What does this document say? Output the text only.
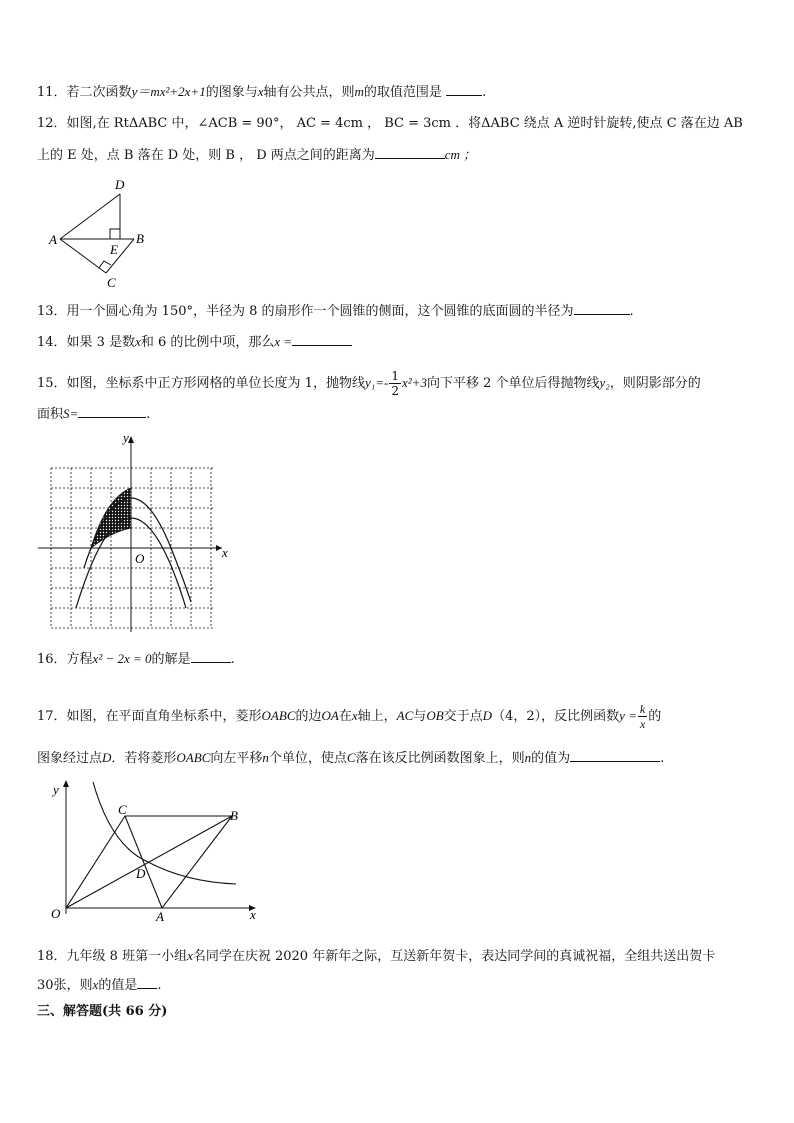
11．若二次函数y＝mx²+2x+1的图象与x轴有公共点，则m的取值范围是	.
12．如图,在 RtΔABC 中，∠ACB = 90°， AC = 4cm ， BC = 3cm ．将ΔABC 绕点 A 逆时针旋转,使点 C 落在边 AB
上的 E 处，点 B 落在 D 处，则 B ， D 两点之间的距离为	cm ；
A	B
C
D
E
13．用一个圆心角为 150°，半径为 8 的扇形作一个圆锥的侧面，这个圆锥的底面圆的半径为	.
14．如果 3 是数x和 6 的比例中项，那么x =
15．如图，坐标系中正方形网格的单位长度为 1，抛物线$y_1=- \frac{1}{2} x^2+3$向下平移 2 个单位后得抛物线y₂，则阴影部分的
面积S=	.
y
x
O
16．方程x² − 2x = 0的解是	.
17．如图，在平面直角坐标系中，菱形OABC的边OA在x轴上，AC与OB交于点D（4，2），反比例函数$y = \frac{k}{x}$ 的
图象经过点D．若将菱形OABC向左平移n个单位，使点C落在该反比例函数图象上，则n的值为	.
y
x
O	A
B
C
D
18．九年级 8 班第一小组x名同学在庆祝 2020 年新年之际，互送新年贺卡，表达同学间的真诚祝福，全组共送出贺卡
30张，则x的值是 .
三、解答题(共 66 分)
